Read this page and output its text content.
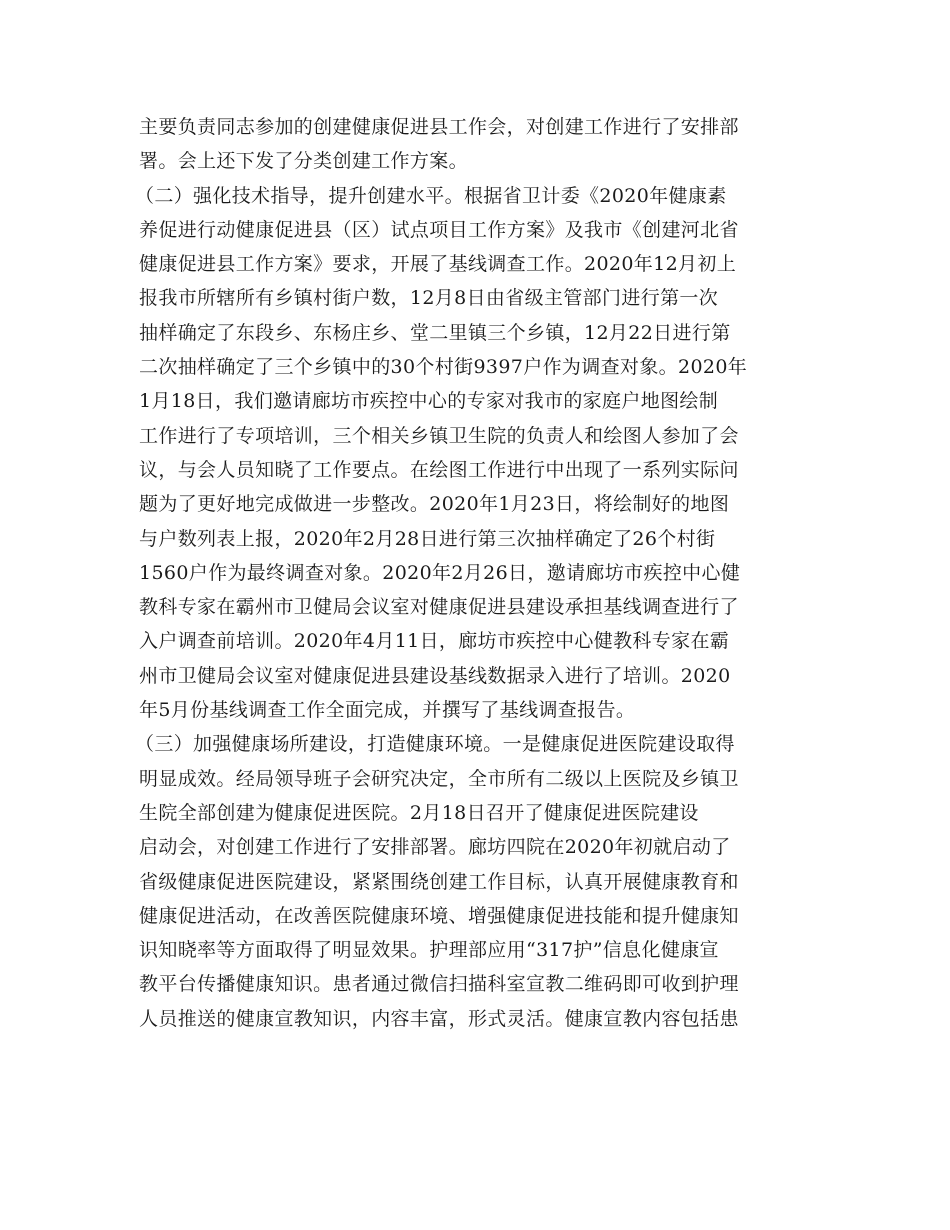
主要负责同志参加的创建健康促进县工作会，对创建工作进行了安排部
署。会上还下发了分类创建工作方案。
（二）强化技术指导，提升创建水平。根据省卫计委《2020年健康素
养促进行动健康促进县（区）试点项目工作方案》及我市《创建河北省
健康促进县工作方案》要求，开展了基线调查工作。2020年12月初上
报我市所辖所有乡镇村街户数，12月8日由省级主管部门进行第一次
抽样确定了东段乡、东杨庄乡、堂二里镇三个乡镇，12月22日进行第
二次抽样确定了三个乡镇中的30个村街9397户作为调查对象。2020年
1月18日，我们邀请廊坊市疾控中心的专家对我市的家庭户地图绘制
工作进行了专项培训，三个相关乡镇卫生院的负责人和绘图人参加了会
议，与会人员知晓了工作要点。在绘图工作进行中出现了一系列实际问
题为了更好地完成做进一步整改。2020年1月23日，将绘制好的地图
与户数列表上报，2020年2月28日进行第三次抽样确定了26个村街
1560户作为最终调查对象。2020年2月26日，邀请廊坊市疾控中心健
教科专家在霸州市卫健局会议室对健康促进县建设承担基线调查进行了
入户调查前培训。2020年4月11日，廊坊市疾控中心健教科专家在霸
州市卫健局会议室对健康促进县建设基线数据录入进行了培训。2020
年5月份基线调查工作全面完成，并撰写了基线调查报告。
（三）加强健康场所建设，打造健康环境。一是健康促进医院建设取得
明显成效。经局领导班子会研究决定，全市所有二级以上医院及乡镇卫
生院全部创建为健康促进医院。2月18日召开了健康促进医院建设
启动会，对创建工作进行了安排部署。廊坊四院在2020年初就启动了
省级健康促进医院建设，紧紧围绕创建工作目标，认真开展健康教育和
健康促进活动，在改善医院健康环境、增强健康促进技能和提升健康知
识知晓率等方面取得了明显效果。护理部应用“317护”信息化健康宣
教平台传播健康知识。患者通过微信扫描科室宣教二维码即可收到护理
人员推送的健康宣教知识，内容丰富，形式灵活。健康宣教内容包括患
